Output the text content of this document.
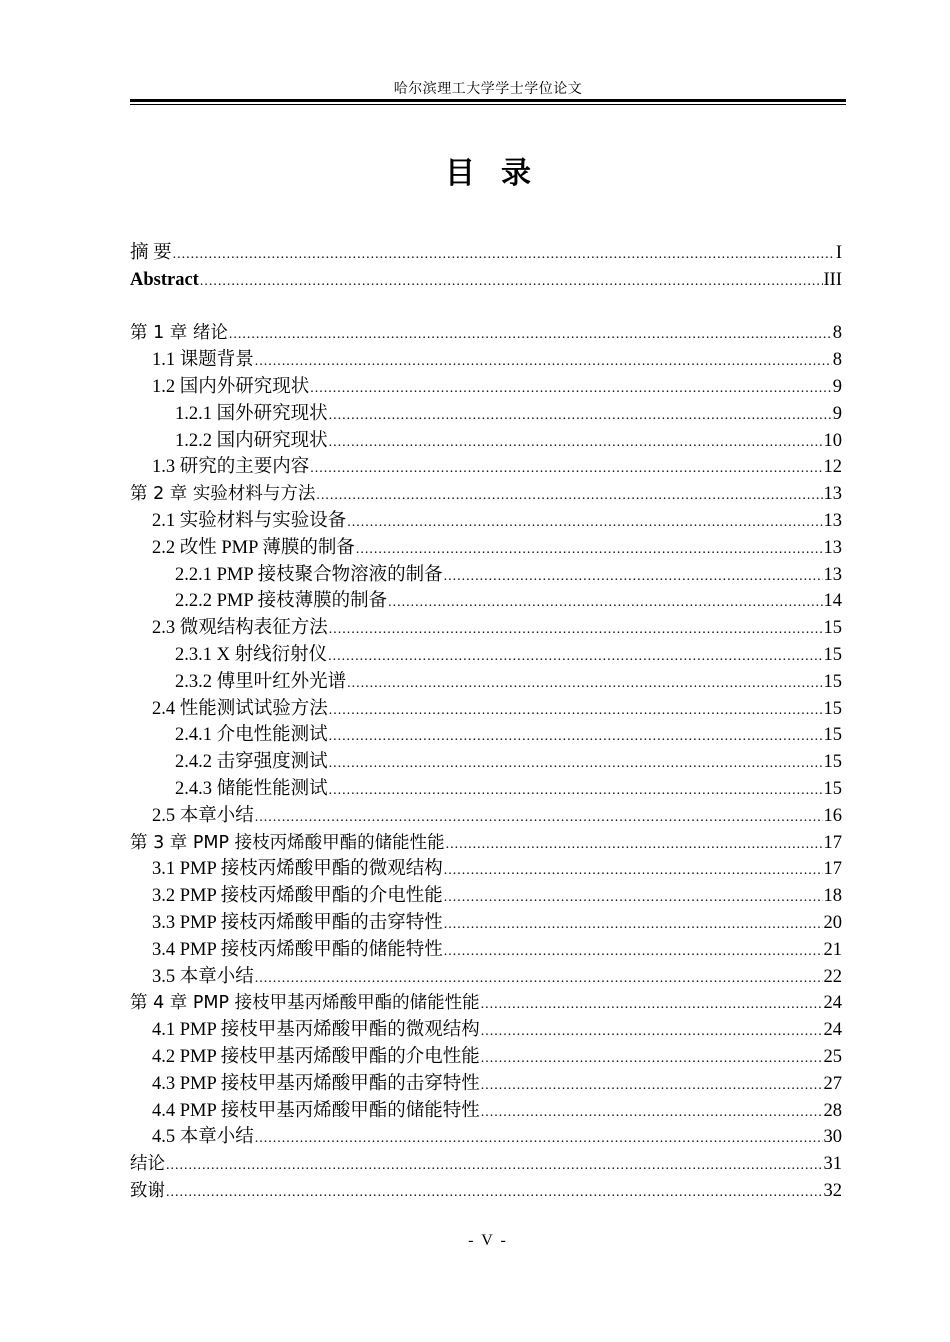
哈尔滨理工大学学士学位论文
目录
摘 要 .....	I
Abstract .....	III
第 1 章 绪论 .....	8
1.1 课题背景 .....	8
1.2 国内外研究现状 .....	9
1.2.1 国外研究现状 .....	9
1.2.2 国内研究现状 .....	10
1.3 研究的主要内容 .....	12
第 2 章 实验材料与方法 .....	13
2.1 实验材料与实验设备 .....	13
2.2 改性 PMP 薄膜的制备 .....	13
2.2.1 PMP 接枝聚合物溶液的制备 .....	13
2.2.2 PMP 接枝薄膜的制备 .....	14
2.3 微观结构表征方法 .....	15
2.3.1 X 射线衍射仪 .....	15
2.3.2 傅里叶红外光谱 .....	15
2.4 性能测试试验方法 .....	15
2.4.1 介电性能测试 .....	15
2.4.2 击穿强度测试 .....	15
2.4.3 储能性能测试 .....	15
2.5 本章小结 .....	16
第 3 章 PMP 接枝丙烯酸甲酯的储能性能 .....	17
3.1 PMP 接枝丙烯酸甲酯的微观结构 .....	17
3.2 PMP 接枝丙烯酸甲酯的介电性能 .....	18
3.3 PMP 接枝丙烯酸甲酯的击穿特性 .....	20
3.4 PMP 接枝丙烯酸甲酯的储能特性 .....	21
3.5 本章小结 .....	22
第 4 章 PMP 接枝甲基丙烯酸甲酯的储能性能 .....	24
4.1 PMP 接枝甲基丙烯酸甲酯的微观结构 .....	24
4.2 PMP 接枝甲基丙烯酸甲酯的介电性能 .....	25
4.3 PMP 接枝甲基丙烯酸甲酯的击穿特性 .....	27
4.4 PMP 接枝甲基丙烯酸甲酯的储能特性 .....	28
4.5 本章小结 .....	30
结论 .....	31
致谢 .....	32
- V -
